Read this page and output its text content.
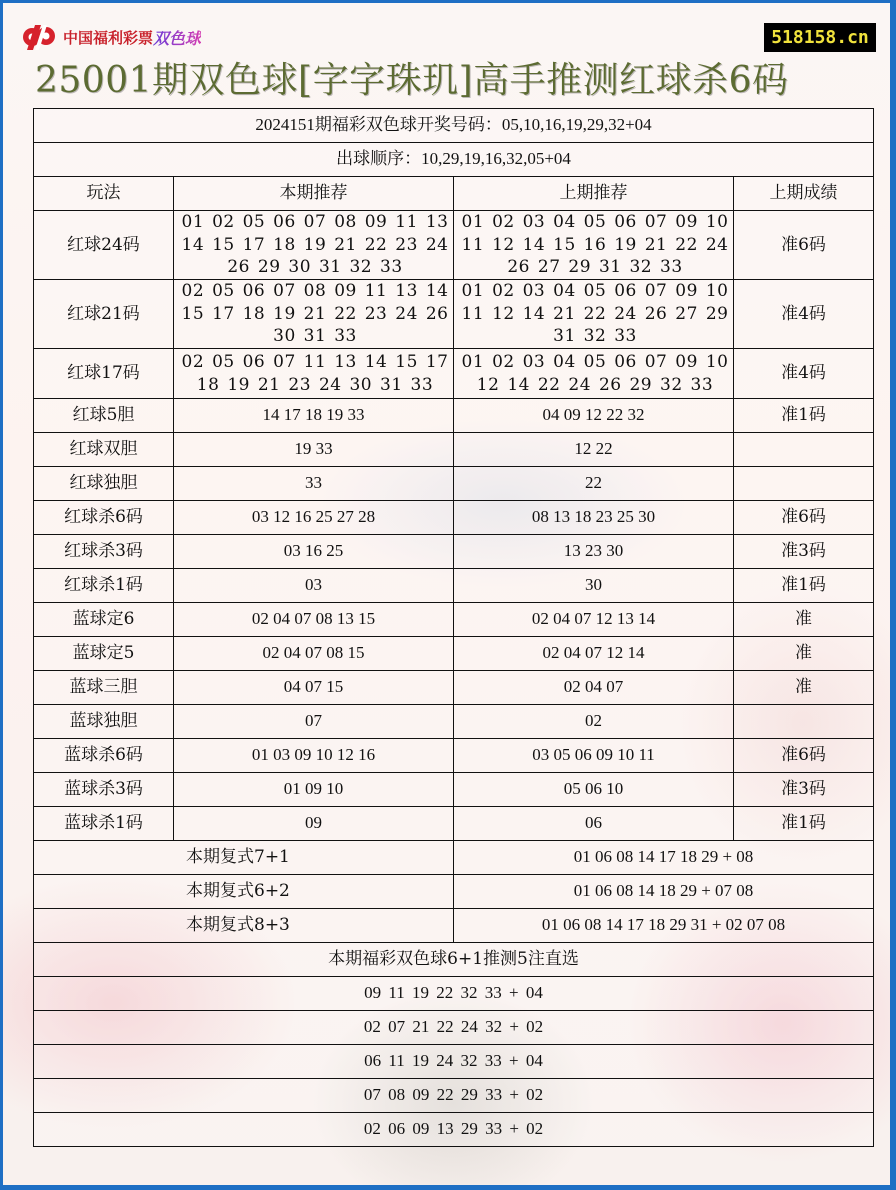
中国福利彩票 双色球	518158.cn
25001期双色球[字字珠玑]高手推测红球杀6码
2024151期福彩双色球开奖号码：05,10,16,19,29,32+04			
出球顺序：10,29,19,16,32,05+04			
玩法	本期推荐	上期推荐	上期成绩
红球24码	01 02 05 06 07 08 09 11 13 14 15 17 18 19 21 22 23 24 26 29 30 31 32 33	01 02 03 04 05 06 07 09 10 11 12 14 15 16 19 21 22 24 26 27 29 31 32 33	准6码
红球21码	02 05 06 07 08 09 11 13 14 15 17 18 19 21 22 23 24 26 30 31 33	01 02 03 04 05 06 07 09 10 11 12 14 21 22 24 26 27 29 31 32 33	准4码
红球17码	02 05 06 07 11 13 14 15 17 18 19 21 23 24 30 31 33	01 02 03 04 05 06 07 09 10 12 14 22 24 26 29 32 33	准4码
红球5胆	14 17 18 19 33	04 09 12 22 32	准1码
红球双胆	19 33	12 22	
红球独胆	33	22	
红球杀6码	03 12 16 25 27 28	08 13 18 23 25 30	准6码
红球杀3码	03 16 25	13 23 30	准3码
红球杀1码	03	30	准1码
蓝球定6	02 04 07 08 13 15	02 04 07 12 13 14	准
蓝球定5	02 04 07 08 15	02 04 07 12 14	准
蓝球三胆	04 07 15	02 04 07	准
蓝球独胆	07	02	
蓝球杀6码	01 03 09 10 12 16	03 05 06 09 10 11	准6码
蓝球杀3码	01 09 10	05 06 10	准3码
蓝球杀1码	09	06	准1码
本期复式7+1		01 06 08 14 17 18 29 + 08	
本期复式6+2		01 06 08 14 18 29 + 07 08	
本期复式8+3		01 06 08 14 17 18 29 31 + 02 07 08	
本期福彩双色球6+1推测5注直选			
09 11 19 22 32 33 + 04			
02 07 21 22 24 32 + 02			
06 11 19 24 32 33 + 04			
07 08 09 22 29 33 + 02			
02 06 09 13 29 33 + 02			
